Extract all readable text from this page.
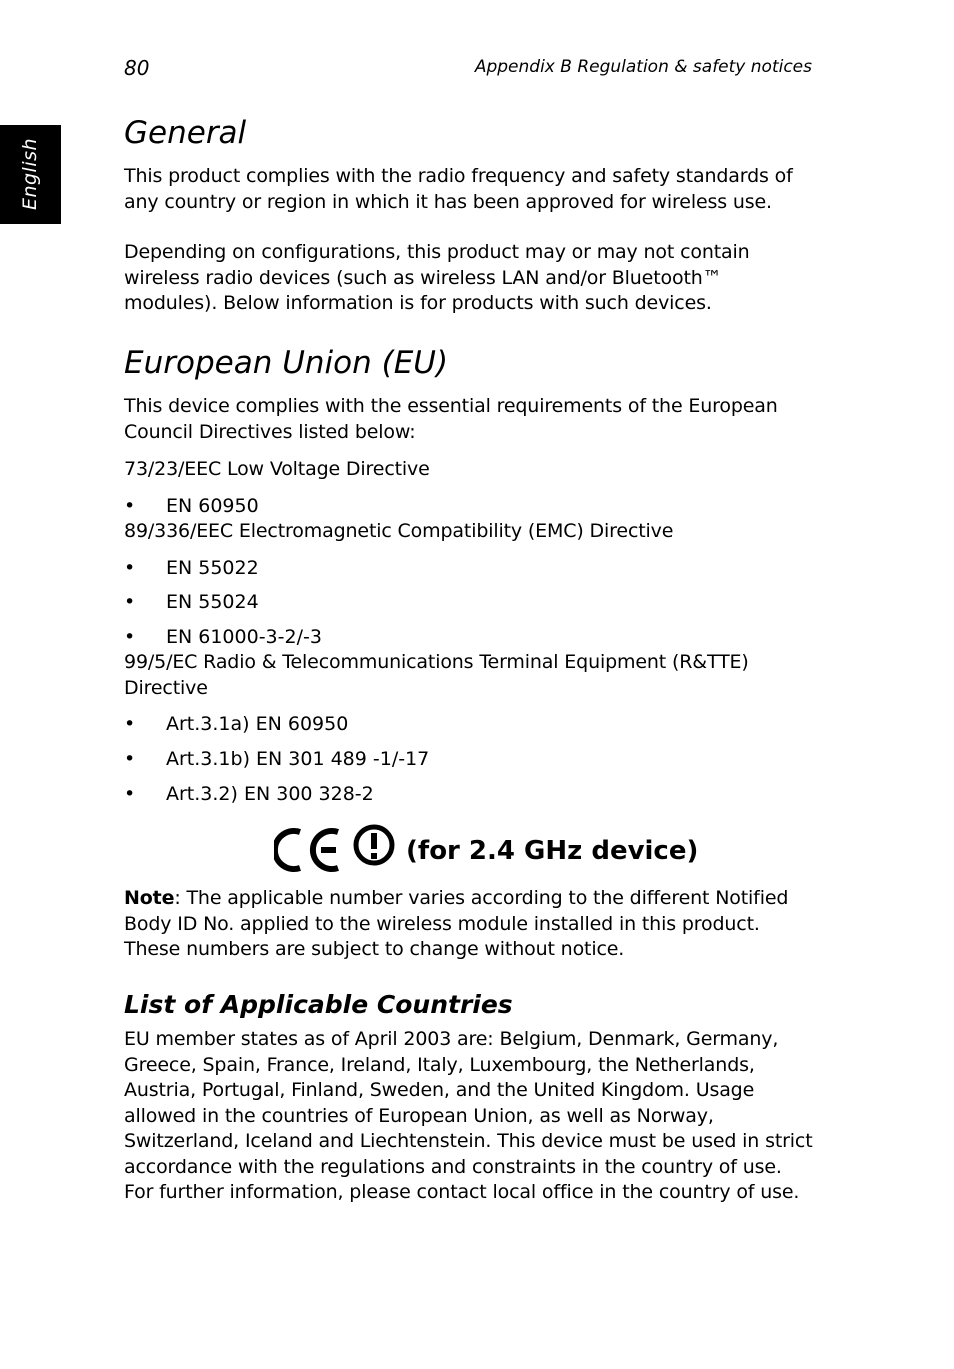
English
80	Appendix B Regulation & safety notices
General

This product complies with the radio frequency and safety standards of any country or region in which it has been approved for wireless use.

Depending on configurations, this product may or may not contain wireless radio devices (such as wireless LAN and/or Bluetooth™ modules). Below information is for products with such devices.

European Union (EU)

This device complies with the essential requirements of the European Council Directives listed below:

73/23/EEC Low Voltage Directive
• EN 60950
89/336/EEC Electromagnetic Compatibility (EMC) Directive
• EN 55022
• EN 55024
• EN 61000-3-2/-3
99/5/EC Radio & Telecommunications Terminal Equipment (R&TTE)
Directive
• Art.3.1a) EN 60950
• Art.3.1b) EN 301 489 -1/-17
• Art.3.2) EN 300 328-2
(for 2.4 GHz device)

Note: The applicable number varies according to the different Notified Body ID No. applied to the wireless module installed in this product. These numbers are subject to change without notice.

List of Applicable Countries

EU member states as of April 2003 are: Belgium, Denmark, Germany, Greece, Spain, France, Ireland, Italy, Luxembourg, the Netherlands, Austria, Portugal, Finland, Sweden, and the United Kingdom. Usage allowed in the countries of European Union, as well as Norway, Switzerland, Iceland and Liechtenstein. This device must be used in strict accordance with the regulations and constraints in the country of use. For further information, please contact local office in the country of use.
